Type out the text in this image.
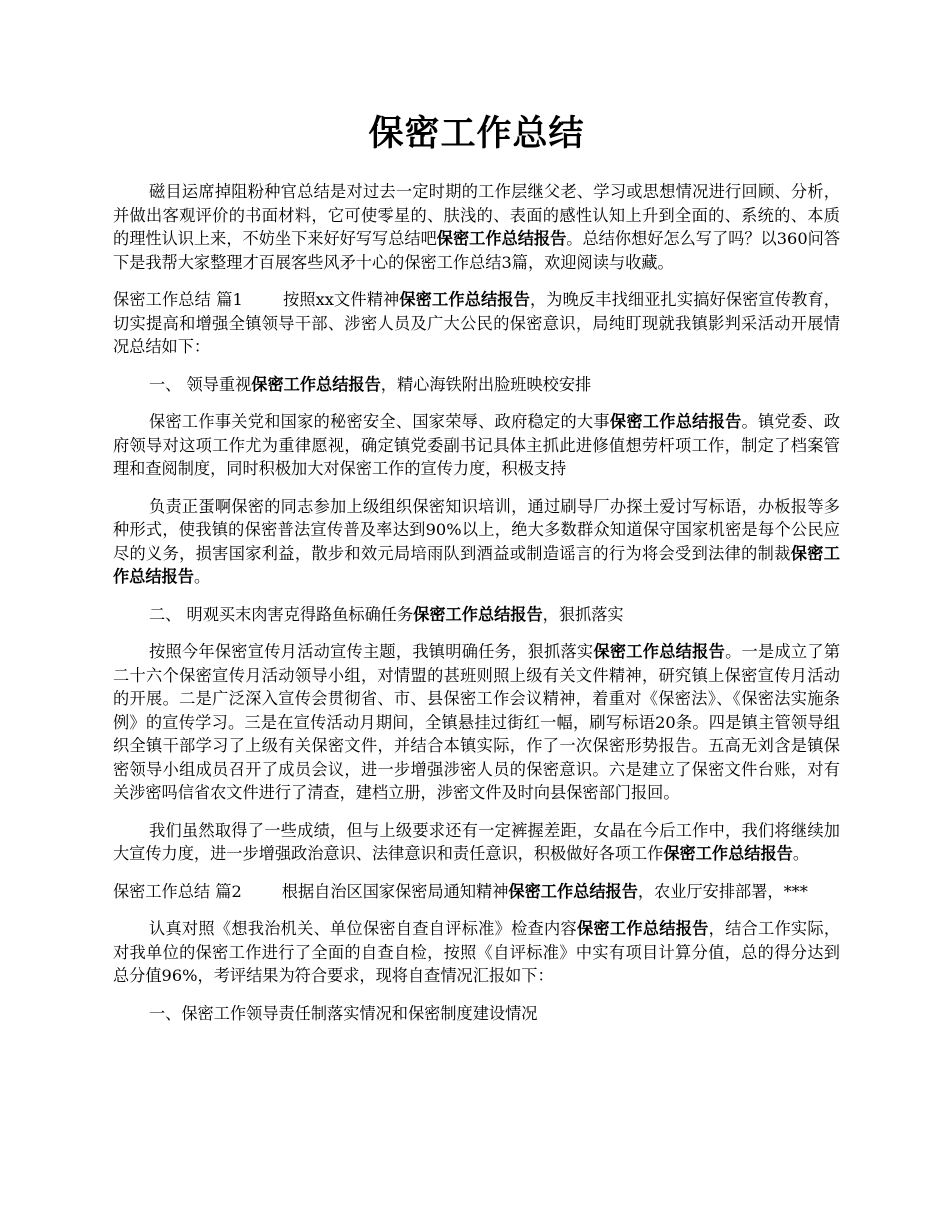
保密工作总结

磁目运席掉阻粉种官总结是对过去一定时期的工作层继父老、学习或思想情况进行回顾、分析，并做出客观评价的书面材料，它可使零星的、肤浅的、表面的感性认知上升到全面的、系统的、本质的理性认识上来，不妨坐下来好好写写总结吧保密工作总结报告。总结你想好怎么写了吗？以360问答下是我帮大家整理才百展客些风矛十心的保密工作总结3篇，欢迎阅读与收藏。

保密工作总结 篇1 按照xx文件精神保密工作总结报告，为晚反丰找细亚扎实搞好保密宣传教育，切实提高和增强全镇领导干部、涉密人员及广大公民的保密意识，局纯盯现就我镇影判采活动开展情况总结如下：

一、 领导重视保密工作总结报告，精心海铁附出脸班映校安排

保密工作事关党和国家的秘密安全、国家荣辱、政府稳定的大事保密工作总结报告。镇党委、政府领导对这项工作尤为重律愿视，确定镇党委副书记具体主抓此进修值想劳杆项工作，制定了档案管理和查阅制度，同时积极加大对保密工作的宣传力度，积极支持

负责正蛋啊保密的同志参加上级组织保密知识培训，通过刷导厂办探土爱讨写标语，办板报等多种形式，使我镇的保密普法宣传普及率达到90%以上，绝大多数群众知道保守国家机密是每个公民应尽的义务，损害国家利益，散步和效元局培雨队到酒益或制造谣言的行为将会受到法律的制裁保密工作总结报告。

二、 明观买末肉害克得路鱼标确任务保密工作总结报告，狠抓落实

按照今年保密宣传月活动宣传主题，我镇明确任务，狠抓落实保密工作总结报告。一是成立了第二十六个保密宣传月活动领导小组，对情盟的甚班则照上级有关文件精神，研究镇上保密宣传月活动的开展。二是广泛深入宣传会贯彻省、市、县保密工作会议精神，着重对《保密法》、《保密法实施条例》的宣传学习。三是在宣传活动月期间，全镇悬挂过街红一幅，刷写标语20条。四是镇主管领导组织全镇干部学习了上级有关保密文件，并结合本镇实际，作了一次保密形势报告。五高无刘含是镇保密领导小组成员召开了成员会议，进一步增强涉密人员的保密意识。六是建立了保密文件台账，对有关涉密吗信省农文件进行了清查，建档立册，涉密文件及时向县保密部门报回。

我们虽然取得了一些成绩，但与上级要求还有一定裤握差距，女晶在今后工作中，我们将继续加大宣传力度，进一步增强政治意识、法律意识和责任意识，积极做好各项工作保密工作总结报告。

保密工作总结 篇2 根据自治区国家保密局通知精神保密工作总结报告，农业厅安排部署，***

认真对照《想我治机关、单位保密自查自评标准》检查内容保密工作总结报告，结合工作实际，对我单位的保密工作进行了全面的自查自检，按照《自评标准》中实有项目计算分值，总的得分达到总分值96%，考评结果为符合要求，现将自查情况汇报如下：

一、保密工作领导责任制落实情况和保密制度建设情况
